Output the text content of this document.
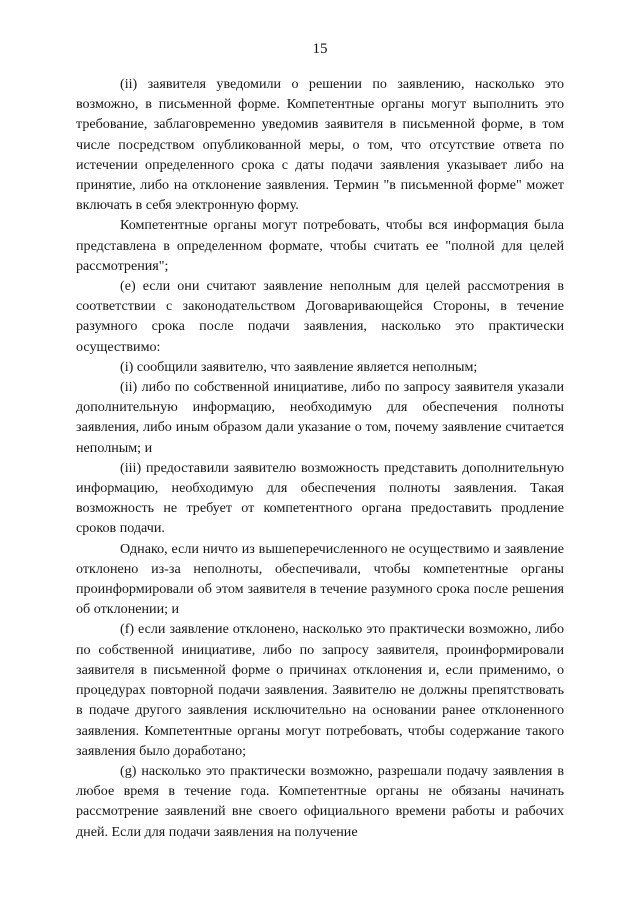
15

(ii) заявителя уведомили о решении по заявлению, насколько это возможно, в письменной форме. Компетентные органы могут выполнить это требование, заблаговременно уведомив заявителя в письменной форме, в том числе посредством опубликованной меры, о том, что отсутствие ответа по истечении определенного срока с даты подачи заявления указывает либо на принятие, либо на отклонение заявления. Термин "в письменной форме" может включать в себя электронную форму.

Компетентные органы могут потребовать, чтобы вся информация была представлена в определенном формате, чтобы считать ее "полной для целей рассмотрения";

(е) если они считают заявление неполным для целей рассмотрения в соответствии с законодательством Договаривающейся Стороны, в течение разумного срока после подачи заявления, насколько это практически осуществимо:

(i) сообщили заявителю, что заявление является неполным;

(ii) либо по собственной инициативе, либо по запросу заявителя указали дополнительную информацию, необходимую для обеспечения полноты заявления, либо иным образом дали указание о том, почему заявление считается неполным; и

(iii) предоставили заявителю возможность представить дополнительную информацию, необходимую для обеспечения полноты заявления. Такая возможность не требует от компетентного органа предоставить продление сроков подачи.

Однако, если ничто из вышеперечисленного не осуществимо и заявление отклонено из-за неполноты, обеспечивали, чтобы компетентные органы проинформировали об этом заявителя в течение разумного срока после решения об отклонении; и

(f) если заявление отклонено, насколько это практически возможно, либо по собственной инициативе, либо по запросу заявителя, проинформировали заявителя в письменной форме о причинах отклонения и, если применимо, о процедурах повторной подачи заявления. Заявителю не должны препятствовать в подаче другого заявления исключительно на основании ранее отклоненного заявления. Компетентные органы могут потребовать, чтобы содержание такого заявления было доработано;

(g) насколько это практически возможно, разрешали подачу заявления в любое время в течение года. Компетентные органы не обязаны начинать рассмотрение заявлений вне своего официального времени работы и рабочих дней. Если для подачи заявления на получение
